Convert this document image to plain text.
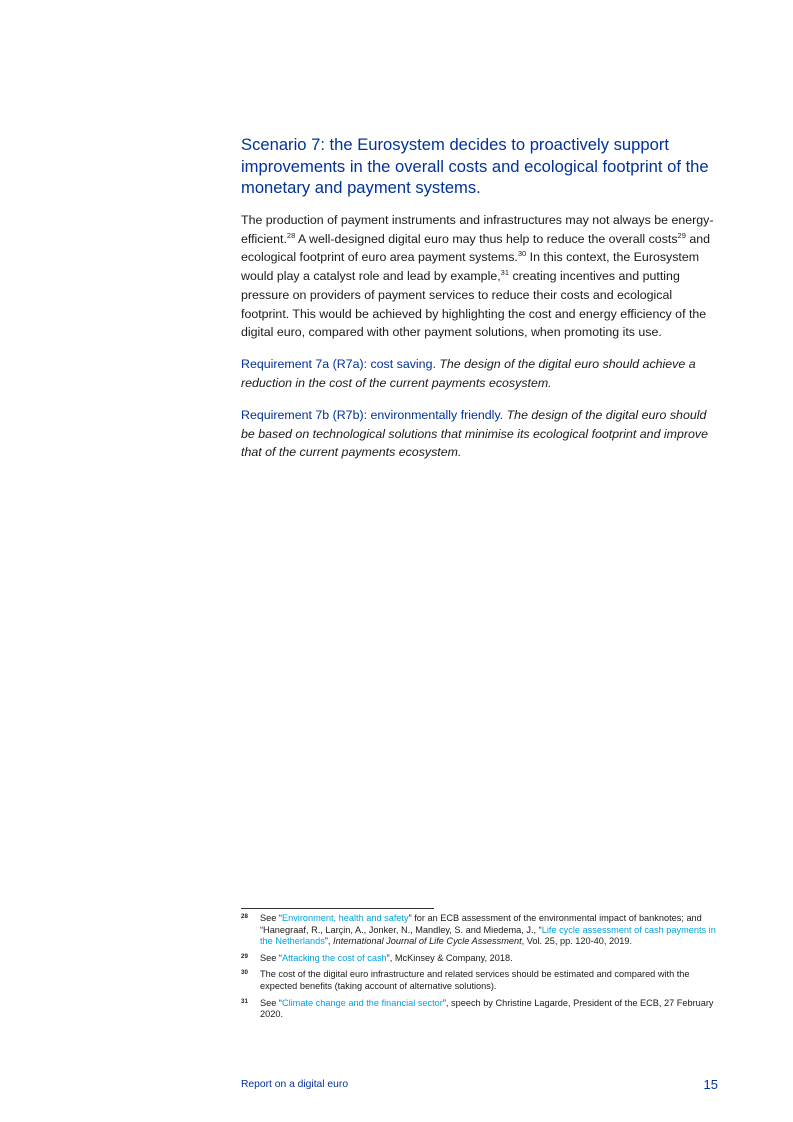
Scenario 7: the Eurosystem decides to proactively support improvements in the overall costs and ecological footprint of the monetary and payment systems.

The production of payment instruments and infrastructures may not always be energy-efficient.$^{28}$ A well-designed digital euro may thus help to reduce the overall costs$^{29}$ and ecological footprint of euro area payment systems.$^{30}$ In this context, the Eurosystem would play a catalyst role and lead by example,$^{31}$ creating incentives and putting pressure on providers of payment services to reduce their costs and ecological footprint. This would be achieved by highlighting the cost and energy efficiency of the digital euro, compared with other payment solutions, when promoting its use.

Requirement 7a (R7a): cost saving. The design of the digital euro should achieve a reduction in the cost of the current payments ecosystem.

Requirement 7b (R7b): environmentally friendly. The design of the digital euro should be based on technological solutions that minimise its ecological footprint and improve that of the current payments ecosystem.

28 See “Environment, health and safety” for an ECB assessment of the environmental impact of banknotes; and “Hanegraaf, R., Larçin, A., Jonker, N., Mandley, S. and Miedema, J., “Life cycle assessment of cash payments in the Netherlands”, International Journal of Life Cycle Assessment, Vol. 25, pp. 120-40, 2019.

29 See “Attacking the cost of cash”, McKinsey & Company, 2018.

30 The cost of the digital euro infrastructure and related services should be estimated and compared with the expected benefits (taking account of alternative solutions).

31 See “Climate change and the financial sector”, speech by Christine Lagarde, President of the ECB, 27 February 2020.

Report on a digital euro	15
